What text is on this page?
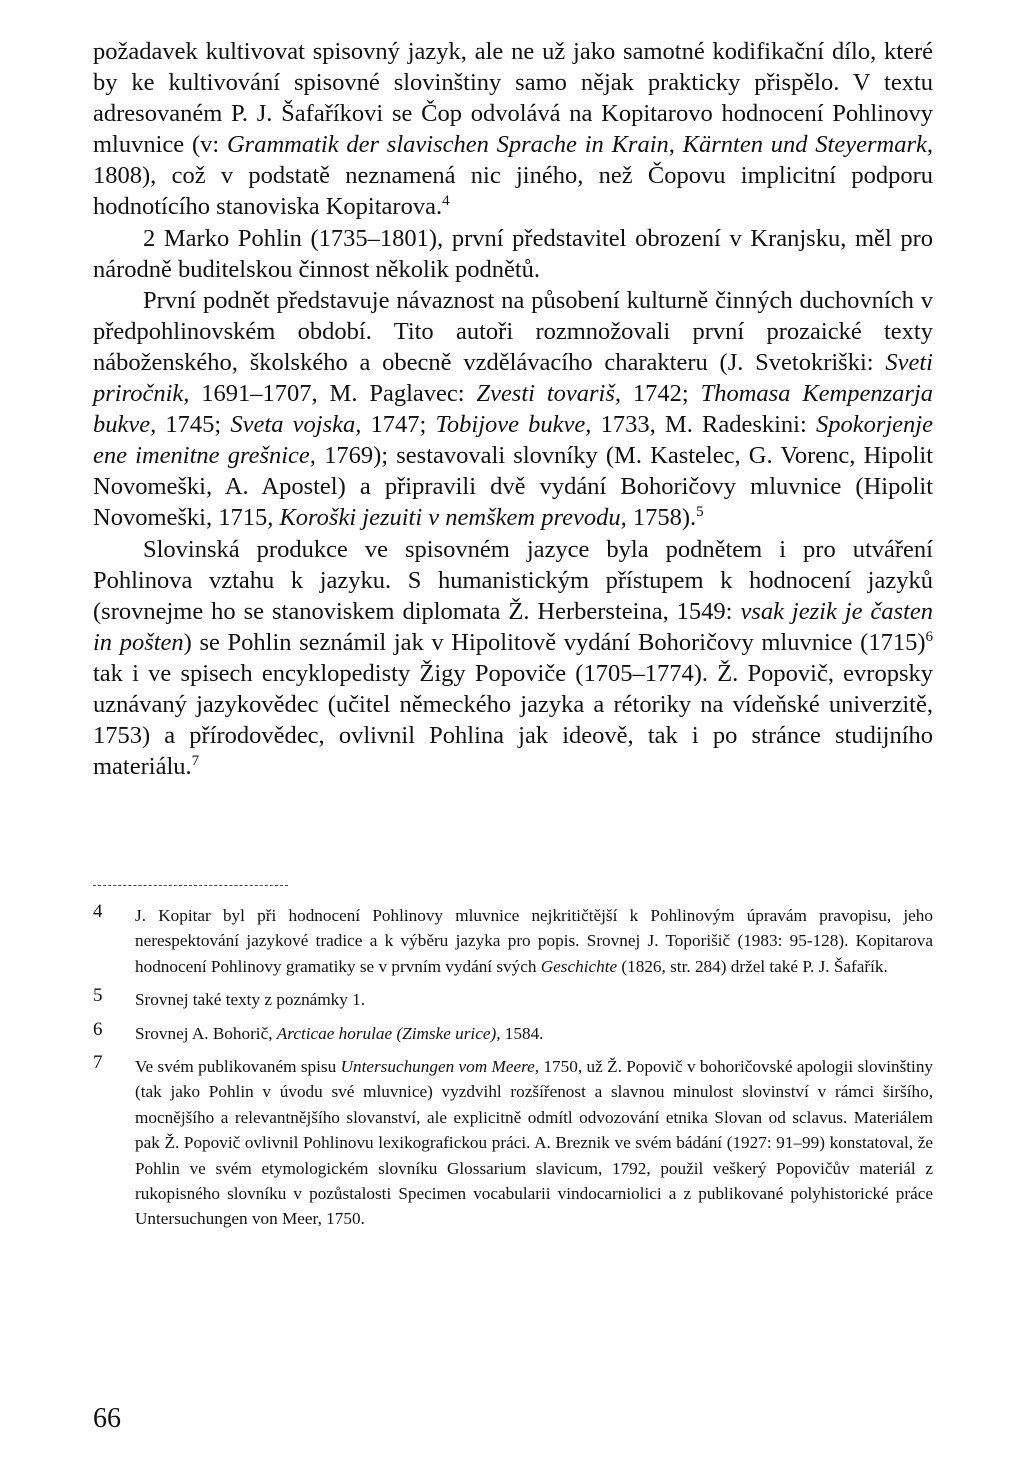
požadavek kultivovat spisovný jazyk, ale ne už jako samotné kodifikační dílo, které by ke kultivování spisovné slovinštiny samo nějak prakticky přispělo. V textu adresovaném P. J. Šafaříkovi se Čop odvolává na Kopitarovo hodnocení Pohlinovy mluvnice (v: Grammatik der slavischen Sprache in Krain, Kärnten und Steyermark, 1808), což v podstatě neznamená nic jiného, než Čopovu implicitní podporu hodnotícího stanoviska Kopitarova.$^4$

2 Marko Pohlin (1735–1801), první představitel obrození v Kranjsku, měl pro národně buditelskou činnost několik podnětů.

První podnět představuje návaznost na působení kulturně činných duchovních v předpohlinovském období. Tito autoři rozmnožovali první prozaické texty náboženského, školského a obecně vzdělávacího charakteru (J. Svetokriški: Sveti priročnik, 1691–1707, M. Paglavec: Zvesti tovariš, 1742; Thomasa Kempenzarja bukve, 1745; Sveta vojska, 1747; Tobijove bukve, 1733, M. Radeskini: Spokorjenje ene imenitne grešnice, 1769); sestavovali slovníky (M. Kastelec, G. Vorenc, Hipolit Novomeški, A. Apostel) a připravili dvě vydání Bohoričovy mluvnice (Hipolit Novomeški, 1715, Koroški jezuiti v nemškem prevodu, 1758).$^5$

Slovinská produkce ve spisovném jazyce byla podnětem i pro utváření Pohlinova vztahu k jazyku. S humanistickým přístupem k hodnocení jazyků (srovnejme ho se stanoviskem diplomata Ž. Herbersteina, 1549: vsak jezik je časten in pošten) se Pohlin seznámil jak v Hipolitově vydání Bohoričovy mluvnice $(1715)^6$ tak i ve spisech encyklopedisty Žigy Popoviče (1705–1774). Ž. Popovič, evropsky uznávaný jazykovědec (učitel německého jazyka a rétoriky na vídeňské univerzitě, 1753) a přírodovědec, ovlivnil Pohlina jak ideově, tak i po stránce studijního materiálu.$^7$

4	J. Kopitar byl při hodnocení Pohlinovy mluvnice nejkritičtější k Pohlinovým úpravám pravopisu, jeho nerespektování jazykové tradice a k výběru jazyka pro popis. Srovnej J. Toporišič (1983: 95-128). Kopitarova hodnocení Pohlinovy gramatiky se v prvním vydání svých Geschichte (1826, str. 284) držel také P. J. Šafařík.
5	Srovnej také texty z poznámky 1.
6	Srovnej A. Bohorič, Arcticae horulae (Zimske urice), 1584.
7	Ve svém publikovaném spisu Untersuchungen vom Meere, 1750, už Ž. Popovič v bohoričovské apologii slovinštiny (tak jako Pohlin v úvodu své mluvnice) vyzdvihl rozšířenost a slavnou minulost slovinství v rámci širšího, mocnějšího a relevantnějšího slovanství, ale explicitně odmítl odvozování etnika Slovan od sclavus. Materiálem pak Ž. Popovič ovlivnil Pohlinovu lexikografickou práci. A. Breznik ve svém bádání (1927: 91–99) konstatoval, že Pohlin ve svém etymologickém slovníku Glossarium slavicum, 1792, použil veškerý Popovičův materiál z rukopisného slovníku v pozůstalosti Specimen vocabularii vindocarniolici a z publikované polyhistorické práce Untersuchungen von Meer, 1750.
66
